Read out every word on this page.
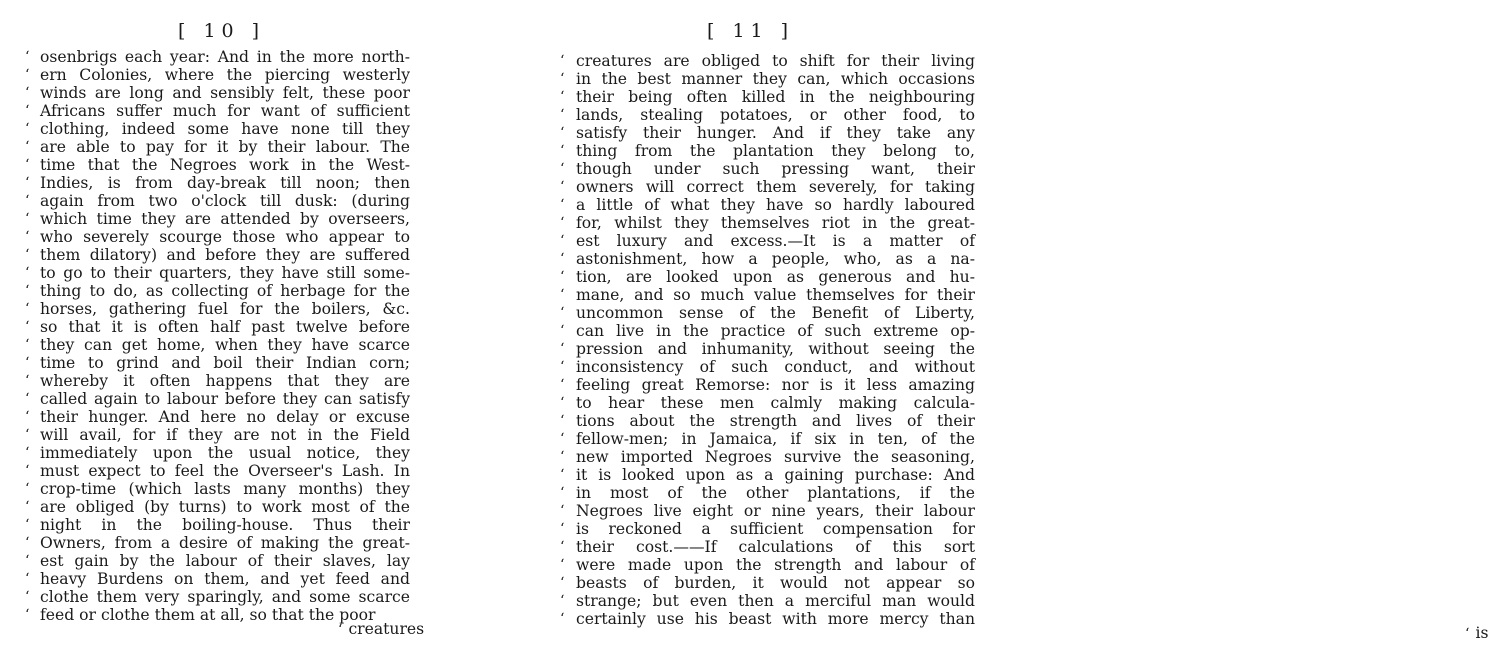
[ 10 ]
‘ osenbrigs each year: And in the more north-
‘ ern Colonies, where the piercing westerly
‘ winds are long and sensibly felt, these poor
‘ Africans suffer much for want of sufficient
‘ clothing, indeed some have none till they
‘ are able to pay for it by their labour. The
‘ time that the Negroes work in the West-
‘ Indies, is from day-break till noon; then
‘ again from two o'clock till dusk: (during
‘ which time they are attended by overseers,
‘ who severely scourge those who appear to
‘ them dilatory) and before they are suffered
‘ to go to their quarters, they have still some-
‘ thing to do, as collecting of herbage for the
‘ horses, gathering fuel for the boilers, &c.
‘ so that it is often half past twelve before
‘ they can get home, when they have scarce
‘ time to grind and boil their Indian corn;
‘ whereby it often happens that they are
‘ called again to labour before they can satisfy
‘ their hunger. And here no delay or excuse
‘ will avail, for if they are not in the Field
‘ immediately upon the usual notice, they
‘ must expect to feel the Overseer's Lash. In
‘ crop-time (which lasts many months) they
‘ are obliged (by turns) to work most of the
‘ night in the boiling-house. Thus their
‘ Owners, from a desire of making the great-
‘ est gain by the labour of their slaves, lay
‘ heavy Burdens on them, and yet feed and
‘ clothe them very sparingly, and some scarce
‘ feed or clothe them at all, so that the poor
‘ creatures
[ 11 ]
‘ creatures are obliged to shift for their living
‘ in the best manner they can, which occasions
‘ their being often killed in the neighbouring
‘ lands, stealing potatoes, or other food, to
‘ satisfy their hunger. And if they take any
‘ thing from the plantation they belong to,
‘ though under such pressing want, their
‘ owners will correct them severely, for taking
‘ a little of what they have so hardly laboured
‘ for, whilst they themselves riot in the great-
‘ est luxury and excess.—It is a matter of
‘ astonishment, how a people, who, as a na-
‘ tion, are looked upon as generous and hu-
‘ mane, and so much value themselves for their
‘ uncommon sense of the Benefit of Liberty,
‘ can live in the practice of such extreme op-
‘ pression and inhumanity, without seeing the
‘ inconsistency of such conduct, and without
‘ feeling great Remorse: nor is it less amazing
‘ to hear these men calmly making calcula-
‘ tions about the strength and lives of their
‘ fellow-men; in Jamaica, if six in ten, of the
‘ new imported Negroes survive the seasoning,
‘ it is looked upon as a gaining purchase: And
‘ in most of the other plantations, if the
‘ Negroes live eight or nine years, their labour
‘ is reckoned a sufficient compensation for
‘ their cost.——If calculations of this sort
‘ were made upon the strength and labour of
‘ beasts of burden, it would not appear so
‘ strange; but even then a merciful man would
‘ certainly use his beast with more mercy than
‘ is
